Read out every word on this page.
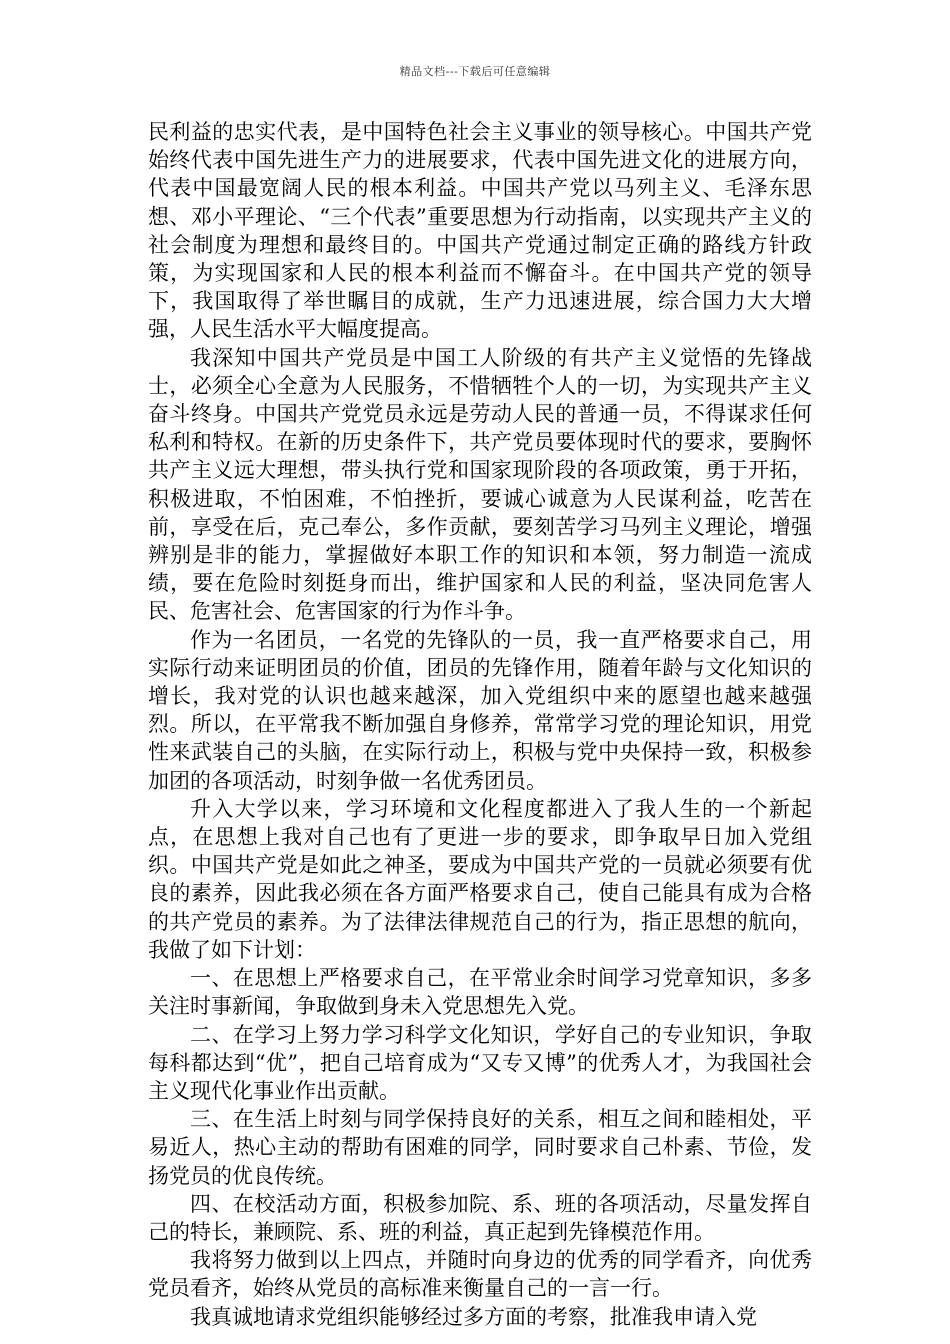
精品文档---下载后可任意编辑

民利益的忠实代表，是中国特色社会主义事业的领导核心。中国共产党始终代表中国先进生产力的进展要求，代表中国先进文化的进展方向，代表中国最宽阔人民的根本利益。中国共产党以马列主义、毛泽东思想、邓小平理论、“三个代表”重要思想为行动指南，以实现共产主义的社会制度为理想和最终目的。中国共产党通过制定正确的路线方针政策，为实现国家和人民的根本利益而不懈奋斗。在中国共产党的领导下，我国取得了举世瞩目的成就，生产力迅速进展，综合国力大大增强，人民生活水平大幅度提高。

我深知中国共产党员是中国工人阶级的有共产主义觉悟的先锋战士，必须全心全意为人民服务，不惜牺牲个人的一切，为实现共产主义奋斗终身。中国共产党党员永远是劳动人民的普通一员，不得谋求任何私利和特权。在新的历史条件下，共产党员要体现时代的要求，要胸怀共产主义远大理想，带头执行党和国家现阶段的各项政策，勇于开拓，积极进取，不怕困难，不怕挫折，要诚心诚意为人民谋利益，吃苦在前，享受在后，克己奉公，多作贡献，要刻苦学习马列主义理论，增强辨别是非的能力，掌握做好本职工作的知识和本领，努力制造一流成绩，要在危险时刻挺身而出，维护国家和人民的利益，坚决同危害人民、危害社会、危害国家的行为作斗争。

作为一名团员，一名党的先锋队的一员，我一直严格要求自己，用实际行动来证明团员的价值，团员的先锋作用，随着年龄与文化知识的增长，我对党的认识也越来越深，加入党组织中来的愿望也越来越强烈。所以，在平常我不断加强自身修养，常常学习党的理论知识，用党性来武装自己的头脑，在实际行动上，积极与党中央保持一致，积极参加团的各项活动，时刻争做一名优秀团员。

升入大学以来，学习环境和文化程度都进入了我人生的一个新起点，在思想上我对自己也有了更进一步的要求，即争取早日加入党组织。中国共产党是如此之神圣，要成为中国共产党的一员就必须要有优良的素养，因此我必须在各方面严格要求自己，使自己能具有成为合格的共产党员的素养。为了法律法律规范自己的行为，指正思想的航向，我做了如下计划：

一、在思想上严格要求自己，在平常业余时间学习党章知识，多多关注时事新闻，争取做到身未入党思想先入党。

二、在学习上努力学习科学文化知识，学好自己的专业知识，争取每科都达到“优”，把自己培育成为“又专又博”的优秀人才，为我国社会主义现代化事业作出贡献。

三、在生活上时刻与同学保持良好的关系，相互之间和睦相处，平易近人，热心主动的帮助有困难的同学，同时要求自己朴素、节俭，发扬党员的优良传统。

四、在校活动方面，积极参加院、系、班的各项活动，尽量发挥自己的特长，兼顾院、系、班的利益，真正起到先锋模范作用。

我将努力做到以上四点，并随时向身边的优秀的同学看齐，向优秀党员看齐，始终从党员的高标准来衡量自己的一言一行。

我真诚地请求党组织能够经过多方面的考察，批准我申请入党
